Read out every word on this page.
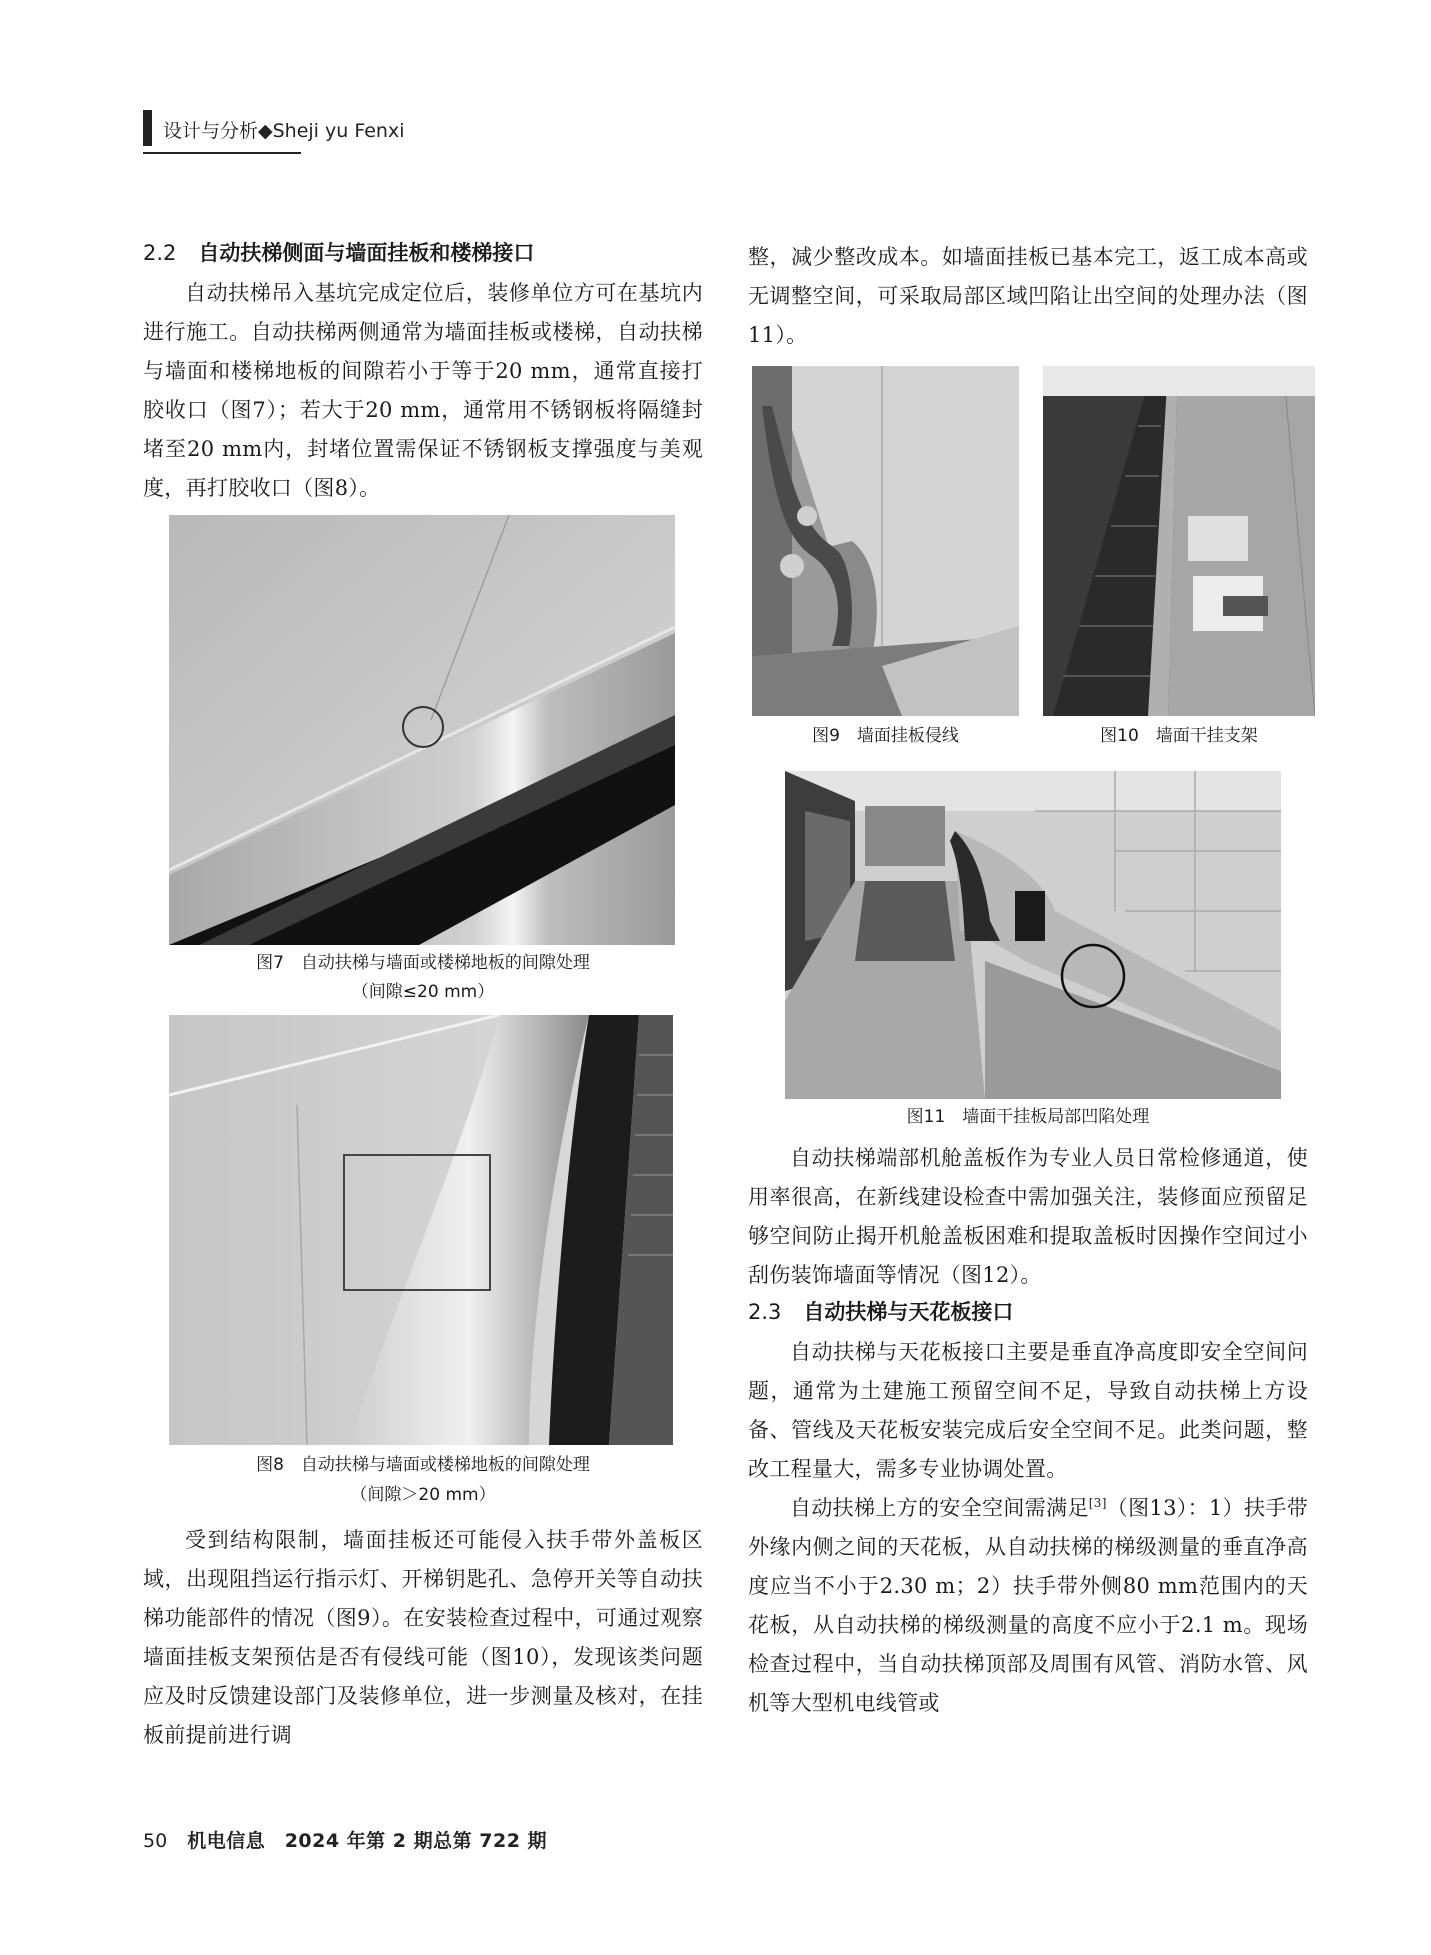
设计与分析◆Sheji yu Fenxi
2.2 自动扶梯侧面与墙面挂板和楼梯接口

自动扶梯吊入基坑完成定位后，装修单位方可在基坑内进行施工。自动扶梯两侧通常为墙面挂板或楼梯，自动扶梯与墙面和楼梯地板的间隙若小于等于20 mm，通常直接打胶收口（图7）；若大于20 mm，通常用不锈钢板将隔缝封堵至20 mm内，封堵位置需保证不锈钢板支撑强度与美观度，再打胶收口（图8）。

图7　自动扶梯与墙面或楼梯地板的间隙处理
（间隙≤20 mm）
图8　自动扶梯与墙面或楼梯地板的间隙处理
（间隙＞20 mm）

受到结构限制，墙面挂板还可能侵入扶手带外盖板区域，出现阻挡运行指示灯、开梯钥匙孔、急停开关等自动扶梯功能部件的情况（图9）。在安装检查过程中，可通过观察墙面挂板支架预估是否有侵线可能（图10），发现该类问题应及时反馈建设部门及装修单位，进一步测量及核对，在挂板前提前进行调

整，减少整改成本。如墙面挂板已基本完工，返工成本高或无调整空间，可采取局部区域凹陷让出空间的处理办法（图11）。

图9　墙面挂板侵线	图10　墙面干挂支架
图11　墙面干挂板局部凹陷处理

自动扶梯端部机舱盖板作为专业人员日常检修通道，使用率很高，在新线建设检查中需加强关注，装修面应预留足够空间防止揭开机舱盖板困难和提取盖板时因操作空间过小刮伤装饰墙面等情况（图12）。

2.3 自动扶梯与天花板接口

自动扶梯与天花板接口主要是垂直净高度即安全空间问题，通常为土建施工预留空间不足，导致自动扶梯上方设备、管线及天花板安装完成后安全空间不足。此类问题，整改工程量大，需多专业协调处置。

自动扶梯上方的安全空间需满足[3]（图13）：1）扶手带外缘内侧之间的天花板，从自动扶梯的梯级测量的垂直净高度应当不小于2.30 m；2）扶手带外侧80 mm范围内的天花板，从自动扶梯的梯级测量的高度不应小于2.1 m。现场检查过程中，当自动扶梯顶部及周围有风管、消防水管、风机等大型机电线管或

50 机电信息　2024 年第 2 期总第 722 期
